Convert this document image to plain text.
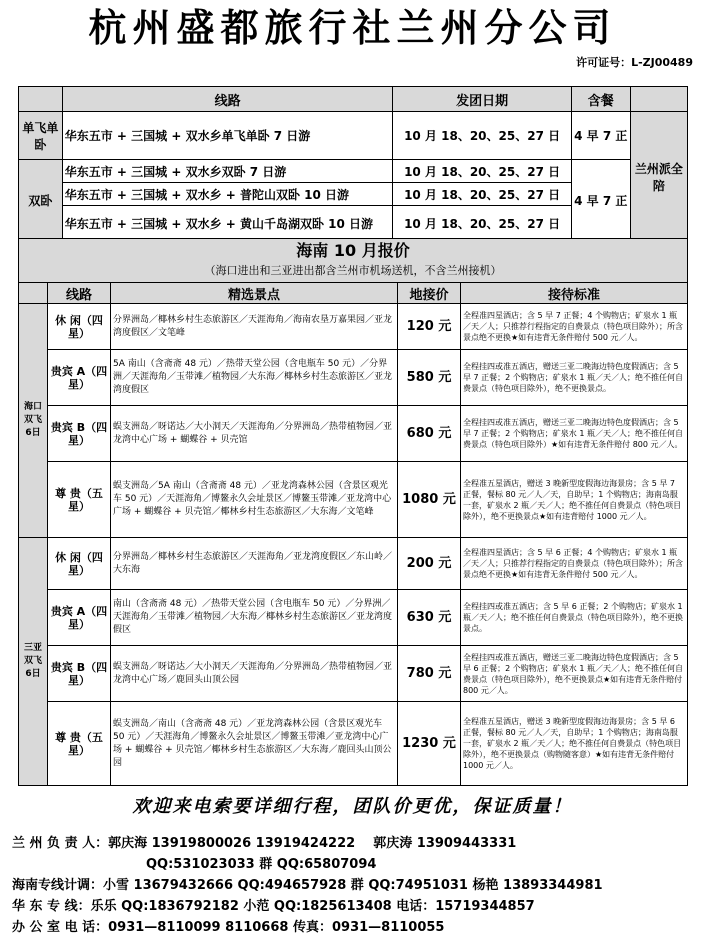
杭州盛都旅行社兰州分公司
许可证号：L-ZJ00489
	线路	发团日期	含餐	
单飞单卧	华东五市 + 三国城 + 双水乡单飞单卧 7 日游	10 月 18、20、25、27 日	4 早 7 正	兰州派全陪
双卧	华东五市 + 三国城 + 双水乡双卧 7 日游	10 月 18、20、25、27 日	4 早 7 正	
	华东五市 + 三国城 + 双水乡 + 普陀山双卧 10 日游	10 月 18、20、25、27 日		
	华东五市 + 三国城 + 双水乡 + 黄山千岛湖双卧 10 日游	10 月 18、20、25、27 日		
海南 10 月报价
（海口进出和三亚进出都含兰州市机场送机，不含兰州接机）
	线路	精选景点	地接价	接待标准
海口双飞6日	休 闲（四星）	分界洲岛／椰林乡村生态旅游区／天涯海角／海南农垦万嘉果园／亚龙湾度假区／文笔峰	120 元	全程准四星酒店；含 5 早 7 正餐；4 个购物店；矿泉水 1 瓶／天／人；只推荐行程指定的自费景点（特色项目除外）；所含景点绝不更换★如有违背无条件赔付 500 元／人。
	贵宾 A（四星）	5A 南山（含斋斋 48 元）／热带天堂公园（含电瓶车 50 元）／分界洲／天涯海角／玉带滩／植物园／大东海／椰林乡村生态旅游区／亚龙湾度假区	580 元	全程挂四或准五酒店，赠送三亚二晚海边特色度假酒店；含 5 早 7 正餐；2 个购物店；矿泉水 1 瓶／天／人；绝不推任何自费景点（特色项目除外），绝不更换景点。
	贵宾 B（四星）	蜈支洲岛／呀诺达／大小洞天／天涯海角／分界洲岛／热带植物园／亚龙湾中心广场 + 蝴蝶谷 + 贝壳馆	680 元	全程挂四或准五酒店，赠送三亚二晚海边特色度假酒店；含 5 早 7 正餐；2 个购物店；矿泉水 1 瓶／天／人；绝不推任何自费景点（特色项目除外）★如有违背无条件赔付 800 元／人。
	尊 贵（五星）	蜈支洲岛／5A 南山（含斋斋 48 元）／亚龙湾森林公园（含景区观光车 50 元）／天涯海角／博鳌永久会址景区／博鳌玉带滩／亚龙湾中心广场 + 蝴蝶谷 + 贝壳馆／椰林乡村生态旅游区／大东海／文笔峰	1080 元	全程准五星酒店，赠送 3 晚新型度假海边海景房；含 5 早 7 正餐，餐标 80 元／人／天，自助早；1 个购物店；海南岛服一套，矿泉水 2 瓶／天／人；绝不推任何自费景点（特色项目除外），绝不更换景点★如有违背赔付 1000 元／人。
三亚双飞6日	休 闲（四星）	分界洲岛／椰林乡村生态旅游区／天涯海角／亚龙湾度假区／东山岭／大东海	200 元	全程准四星酒店；含 5 早 6 正餐；4 个购物店；矿泉水 1 瓶／天／人；只推荐行程指定的自费景点（特色项目除外）；所含景点绝不更换★如有违背无条件赔付 500 元／人。
	贵宾 A（四星）	南山（含斋斋 48 元）／热带天堂公园（含电瓶车 50 元）／分界洲／天涯海角／玉带滩／植物园／大东海／椰林乡村生态旅游区／亚龙湾度假区	630 元	全程挂四或准五酒店；含 5 早 6 正餐；2 个购物店；矿泉水 1 瓶／天／人；绝不推任何自费景点（特色项目除外），绝不更换景点。
	贵宾 B（四星）	蜈支洲岛／呀诺达／大小洞天／天涯海角／分界洲岛／热带植物园／亚龙湾中心广场／鹿回头山顶公园	780 元	全程挂四或准五酒店，赠送三亚二晚海边特色度假酒店；含 5 早 6 正餐；2 个购物店；矿泉水 1 瓶／天／人；绝不推任何自费景点（特色项目除外），绝不更换景点★如有违背无条件赔付 800 元／人。
	尊 贵（五星）	蜈支洲岛／南山（含斋斋 48 元）／亚龙湾森林公园（含景区观光车 50 元）／天涯海角／博鳌永久会址景区／博鳌玉带滩／亚龙湾中心广场 + 蝴蝶谷 + 贝壳馆／椰林乡村生态旅游区／大东海／鹿回头山顶公园	1230 元	全程准五星酒店，赠送 3 晚新型度假海边海景房；含 5 早 6 正餐，餐标 80 元／人／天，自助早；1 个购物店；海南岛服一套，矿泉水 2 瓶／天／人；绝不推任何自费景点（特色项目除外），绝不更换景点（购物随客意）★如有违背无条件赔付 1000 元／人。
欢迎来电索要详细行程，团队价更优，保证质量！
兰 州 负 责 人：郭庆海 13919800026 13919424222 郭庆涛 13909443331
QQ:531023033 群 QQ:65807094
海南专线计调：小雪 13679432666 QQ:494657928 群 QQ:74951031 杨艳 13893344981
华 东 专 线：乐乐 QQ:1836792182 小范 QQ:1825613408 电话：15719344857
办 公 室 电 话：0931—8110099 8110668 传真：0931—8110055
